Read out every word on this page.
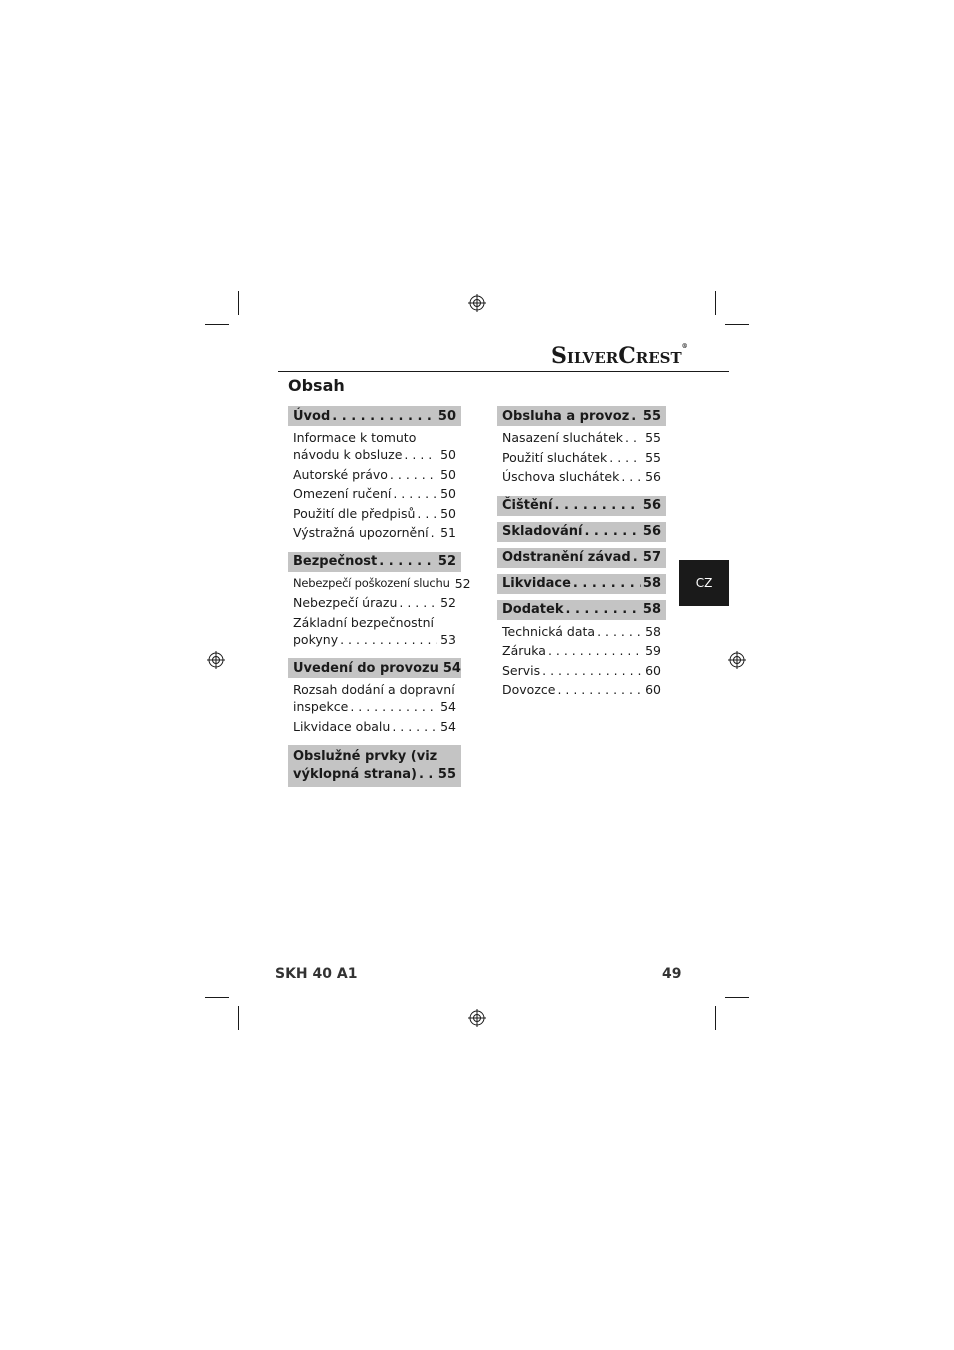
SILVERCREST®
Obsah
Úvod . . .	50
Informace k tomuto
návodu k obsluze . . .	50
Autorské právo . . .	50
Omezení ručení . . .	50
Použití dle předpisů . . . 50
Výstražná upozornění . . . 51
Bezpečnost . . .	52
Nebezpečí poškození sluchu . . . 52
Nebezpečí úrazu . . .	52
Základní bezpečnostní
pokyny . . .	53
Uvedení do provozu . . . 54
Rozsah dodání a dopravní
inspekce . . .	54
Likvidace obalu . . .	54
Obslužné prvky (viz
výklopná strana) . . . 55
Obsluha a provoz . . . 55
Nasazení sluchátek . . . 55
Použití sluchátek . . .	55
Úschova sluchátek . . . 56
Čištění . . .	56
Skladování . . .	56
Odstranění závad . . . 57
Likvidace . . .	58
Dodatek . . .	58
Technická data . . .	58
Záruka . . .	59
Servis . . .	60
Dovozce . . .	60
CZ
SKH 40 A1	49
